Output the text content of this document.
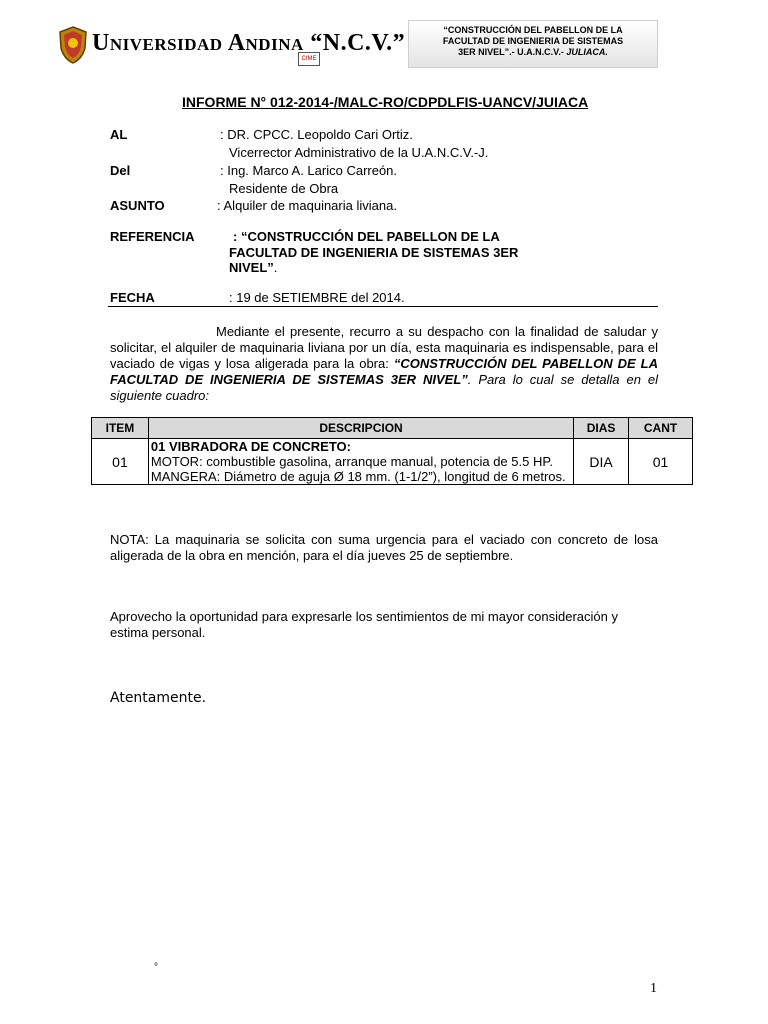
Universidad Andina “N.C.V.”
CIME
“CONSTRUCCIÓN DEL PABELLON DE LA
FACULTAD DE INGENIERIA DE SISTEMAS
3ER NIVEL”.- U.A.N.C.V.- JULIACA.
INFORME N° 012-2014-/MALC-RO/CDPDLFIS-UANCV/JUIACA
AL	: DR. CPCC. Leopoldo Cari Ortiz.
Vicerrector Administrativo de la U.A.N.C.V.-J.
Del	: Ing. Marco A. Larico Carreón.
Residente de Obra
ASUNTO	: Alquiler de maquinaria liviana.
REFERENCIA	: “CONSTRUCCIÓN DEL PABELLON DE LA
FACULTAD DE INGENIERIA DE SISTEMAS 3ER
NIVEL”.
FECHA	: 19 de SETIEMBRE del 2014.
Mediante el presente, recurro a su despacho con la finalidad de saludar y solicitar, el alquiler de maquinaria liviana por un día, esta maquinaria es indispensable, para el vaciado de vigas y losa aligerada para la obra: “CONSTRUCCIÓN DEL PABELLON DE LA FACULTAD DE INGENIERIA DE SISTEMAS 3ER NIVEL”. Para lo cual se detalla en el siguiente cuadro:
ITEM	DESCRIPCION	DIAS	CANT
01	01 VIBRADORA DE CONCRETO:
MOTOR: combustible gasolina, arranque manual, potencia de 5.5 HP.
MANGERA: Diámetro de aguja Ø 18 mm. (1-1/2”), longitud de 6 metros.	DIA	01
NOTA: La maquinaria se solicita con suma urgencia para el vaciado con concreto de losa aligerada de la obra en mención, para el día jueves 25 de septiembre.
Aprovecho la oportunidad para expresarle los sentimientos de mi mayor consideración y estima personal.
Atentamente.
°
1
